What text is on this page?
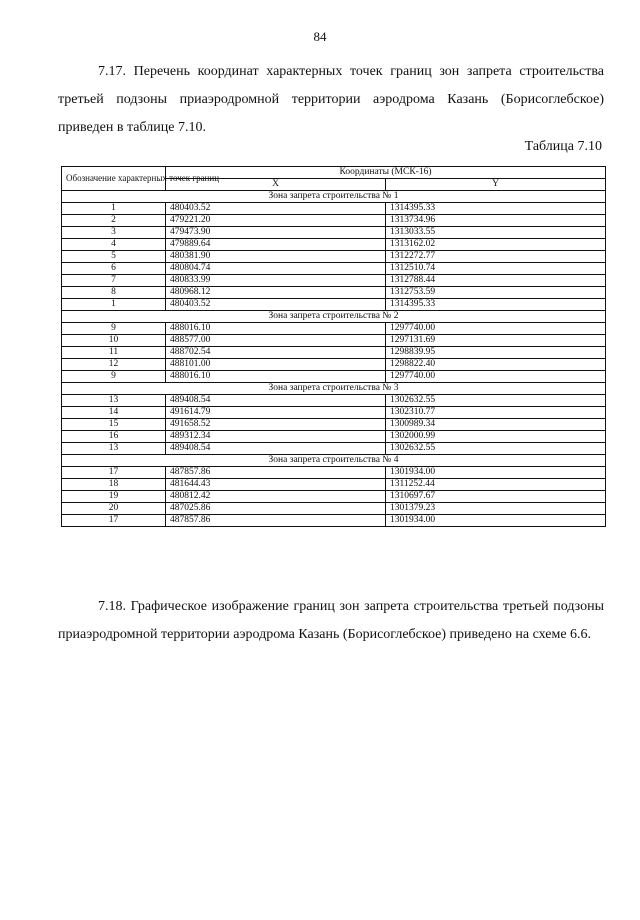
84
7.17. Перечень координат характерных точек границ зон запрета строительства третьей подзоны приаэродромной территории аэродрома Казань (Борисоглебское) приведен в таблице 7.10.
Таблица 7.10
Обозначение характерных точек границ	Координаты (МСК-16)	
	X	Y
Зона запрета строительства № 1		
1	480403.52	1314395.33
2	479221.20	1313734.96
3	479473.90	1313033.55
4	479889.64	1313162.02
5	480381.90	1312272.77
6	480804.74	1312510.74
7	480833.99	1312788.44
8	480968.12	1312753.59
1	480403.52	1314395.33
Зона запрета строительства № 2		
9	488016.10	1297740.00
10	488577.00	1297131.69
11	488702.54	1298839.95
12	488101.00	1298822.40
9	488016.10	1297740.00
Зона запрета строительства № 3		
13	489408.54	1302632.55
14	491614.79	1302310.77
15	491658.52	1300989.34
16	489312.34	1302000.99
13	489408.54	1302632.55
Зона запрета строительства № 4		
17	487857.86	1301934.00
18	481644.43	1311252.44
19	480812.42	1310697.67
20	487025.86	1301379.23
17	487857.86	1301934.00
7.18. Графическое изображение границ зон запрета строительства третьей подзоны приаэродромной территории аэродрома Казань (Борисоглебское) приведено на схеме 6.6.
